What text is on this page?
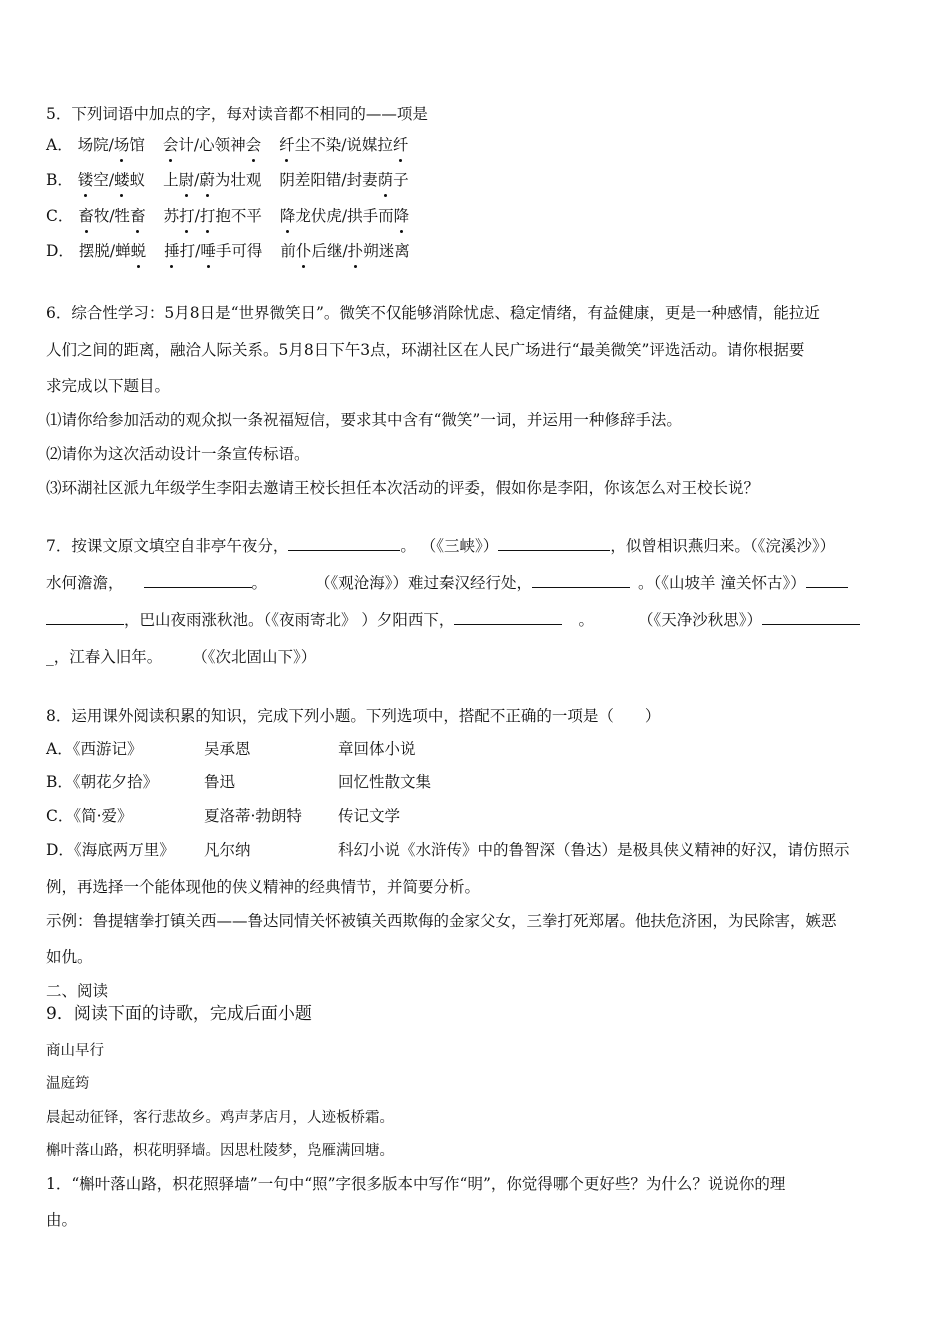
5．下列词语中加点的字，每对读音都不相同的——项是
A． 场院/场馆 会计/心领神会 纤尘不染/说媒拉纤
B． 镂空/蝼蚁 上尉/蔚为壮观 阴差阳错/封妻荫子
C． 畜牧/牲畜 苏打/打抱不平 降龙伏虎/拱手而降
D． 摆脱/蝉蜕 捶打/唾手可得 前仆后继/扑朔迷离
6．综合性学习：5月8日是“世界微笑日”。微笑不仅能够消除忧虑、稳定情绪，有益健康，更是一种感情，能拉近
人们之间的距离，融洽人际关系。5月8日下午3点，环湖社区在人民广场进行“最美微笑”评选活动。请你根据要
求完成以下题目。
⑴请你给参加活动的观众拟一条祝福短信，要求其中含有“微笑”一词，并运用一种修辞手法。
⑵请你为这次活动设计一条宣传标语。
⑶环湖社区派九年级学生李阳去邀请王校长担任本次活动的评委，假如你是李阳，你该怎么对王校长说？
7．按课文原文填空自非亭午夜分，	。 （《三峡》）	，似曾相识燕归来。（《浣溪沙》）
水何澹澹，	。	（《观沧海》）难过秦汉经行处，	。（《山坡羊 潼关怀古》）
，巴山夜雨涨秋池。（《夜雨寄北》 ）夕阳西下，	。	（《天净沙秋思》）
_，江春入旧年。 （《次北固山下》）
8．运用课外阅读积累的知识，完成下列小题。下列选项中，搭配不正确的一项是（　　）
A．《西游记》	吴承恩	章回体小说
B．《朝花夕拾》	鲁迅	回忆性散文集
C．《简·爱》	夏洛蒂·勃朗特 传记文学
D．《海底两万里》 凡尔纳	科幻小说《水浒传》中的鲁智深（鲁达）是极具侠义精神的好汉，请仿照示
例，再选择一个能体现他的侠义精神的经典情节，并简要分析。
示例：鲁提辖拳打镇关西——鲁达同情关怀被镇关西欺侮的金家父女，三拳打死郑屠。他扶危济困，为民除害，嫉恶
如仇。
二、阅读
9．阅读下面的诗歌，完成后面小题
商山早行
温庭筠
晨起动征铎，客行悲故乡。鸡声茅店月，人迹板桥霜。
槲叶落山路，枳花明驿墙。因思杜陵梦，凫雁满回塘。
1．“槲叶落山路，枳花照驿墙”一句中“照”字很多版本中写作“明”，你觉得哪个更好些？为什么？说说你的理
由。
